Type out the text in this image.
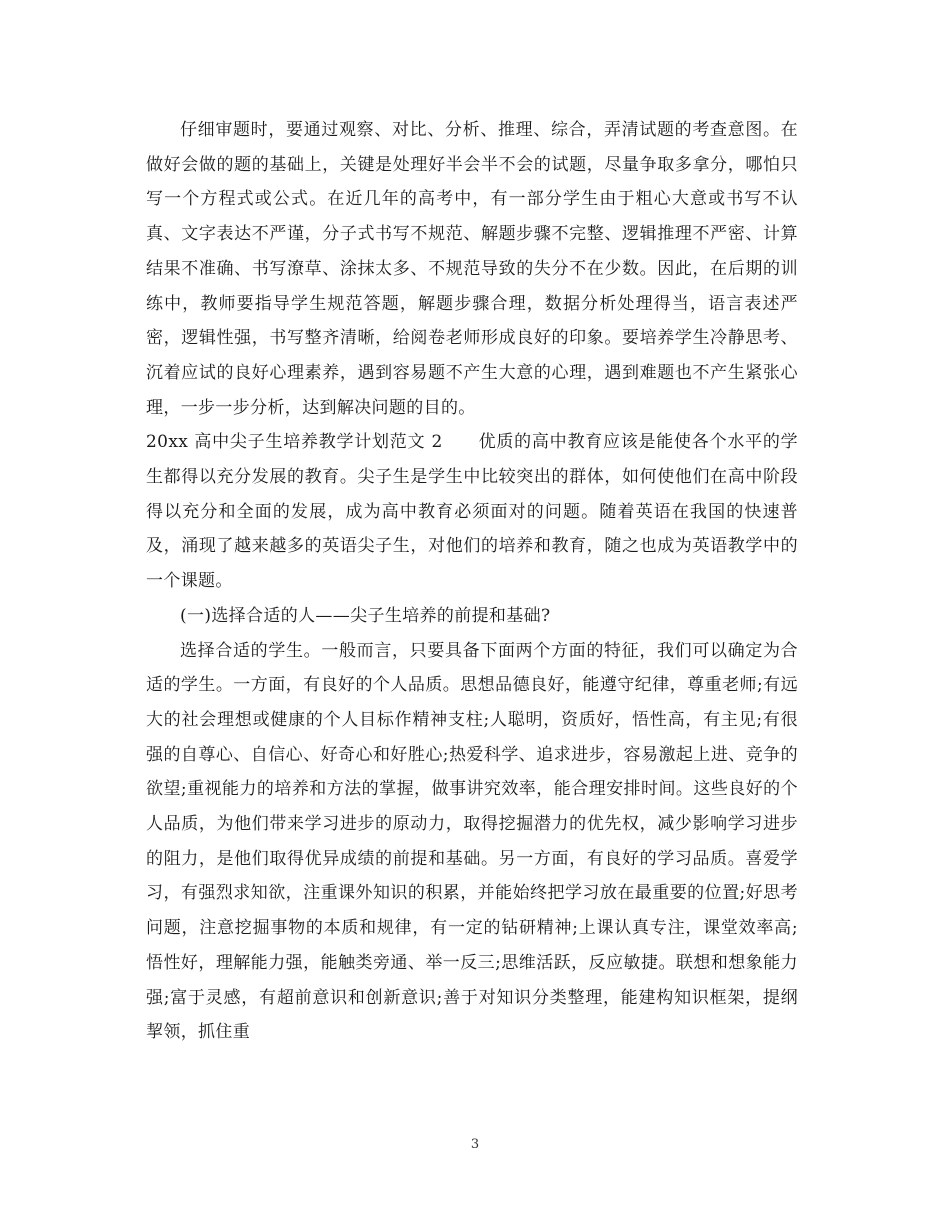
仔细审题时，要通过观察、对比、分析、推理、综合，弄清试题的考查意图。在做好会做的题的基础上，关键是处理好半会半不会的试题，尽量争取多拿分，哪怕只写一个方程式或公式。在近几年的高考中，有一部分学生由于粗心大意或书写不认真、文字表达不严谨，分子式书写不规范、解题步骤不完整、逻辑推理不严密、计算结果不准确、书写潦草、涂抹太多、不规范导致的失分不在少数。因此，在后期的训练中，教师要指导学生规范答题，解题步骤合理，数据分析处理得当，语言表述严密，逻辑性强，书写整齐清晰，给阅卷老师形成良好的印象。要培养学生冷静思考、沉着应试的良好心理素养，遇到容易题不产生大意的心理，遇到难题也不产生紧张心理，一步一步分析，达到解决问题的目的。

20xx 高中尖子生培养教学计划范文 2　　优质的高中教育应该是能使各个水平的学生都得以充分发展的教育。尖子生是学生中比较突出的群体，如何使他们在高中阶段得以充分和全面的发展，成为高中教育必须面对的问题。随着英语在我国的快速普及，涌现了越来越多的英语尖子生，对他们的培养和教育，随之也成为英语教学中的一个课题。

(一)选择合适的人——尖子生培养的前提和基础?

选择合适的学生。一般而言，只要具备下面两个方面的特征，我们可以确定为合适的学生。一方面，有良好的个人品质。思想品德良好，能遵守纪律，尊重老师;有远大的社会理想或健康的个人目标作精神支柱;人聪明，资质好，悟性高，有主见;有很强的自尊心、自信心、好奇心和好胜心;热爱科学、追求进步，容易激起上进、竞争的欲望;重视能力的培养和方法的掌握，做事讲究效率，能合理安排时间。这些良好的个人品质，为他们带来学习进步的原动力，取得挖掘潜力的优先权，减少影响学习进步的阻力，是他们取得优异成绩的前提和基础。另一方面，有良好的学习品质。喜爱学习，有强烈求知欲，注重课外知识的积累，并能始终把学习放在最重要的位置;好思考问题，注意挖掘事物的本质和规律，有一定的钻研精神;上课认真专注，课堂效率高;悟性好，理解能力强，能触类旁通、举一反三;思维活跃，反应敏捷。联想和想象能力强;富于灵感，有超前意识和创新意识;善于对知识分类整理，能建构知识框架，提纲挈领，抓住重

3
